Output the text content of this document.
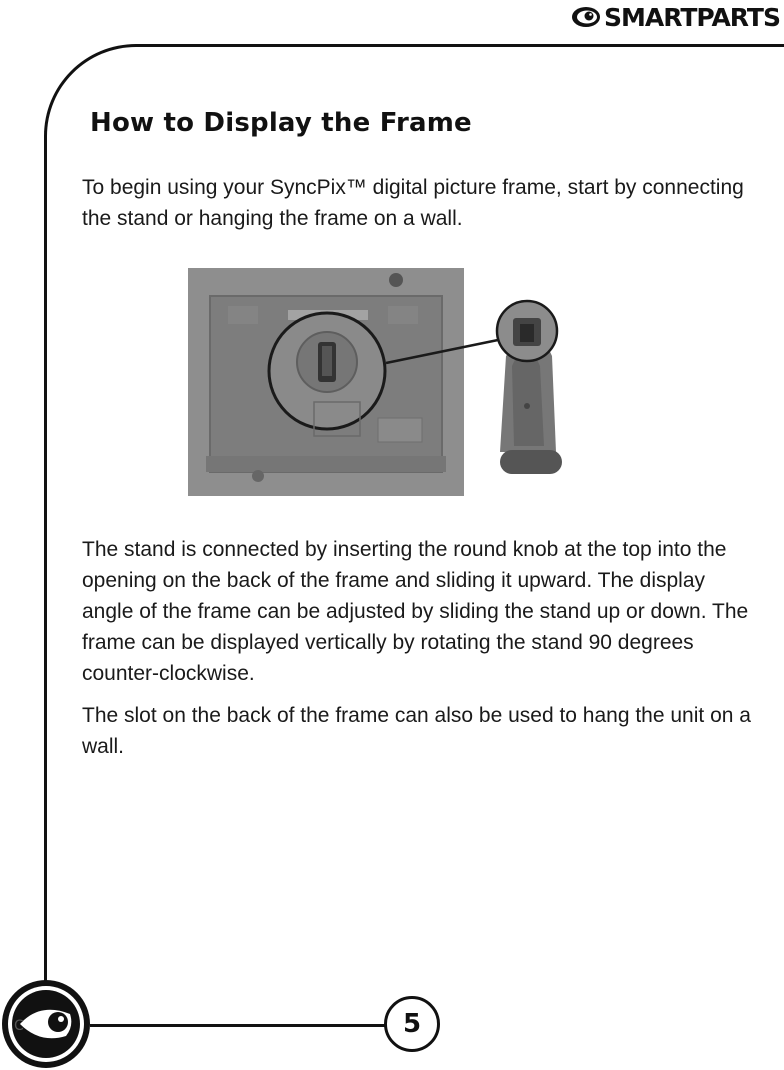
SMARTPARTS
How to Display the Frame

To begin using your SyncPix™ digital picture frame, start by connecting the stand or hanging the frame on a wall.

The stand is connected by inserting the round knob at the top into the opening on the back of the frame and sliding it upward. The display angle of the frame can be adjusted by sliding the stand up or down. The frame can be displayed vertically by rotating the stand 90 degrees counter-clockwise.

The slot on the back of the frame can also be used to hang the unit on a wall.

C	5
